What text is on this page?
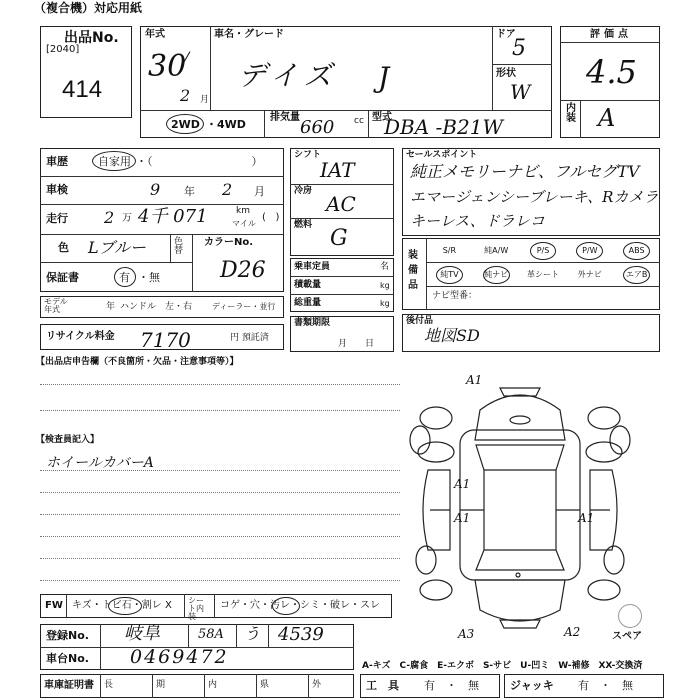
（複合機）対応用紙
出品No.
[2040]
414
年式
30
2 月
車名・グレード
デイズ J
ドア
5
形状
W
2WD ・4WD
排気量 660 cc 型式
DBA -B21W
評価点
4.5
内装 A
車歴	自家用 ・（　　　　　　　　　）
車検	9 年 2 月
走行 2 万 4千 071	km
マイル
(   )
色 Lブルー	色替
保証書	有 ・無
カラーNo.
D26
モデル年式	年 ハンドル　左・右 ディーラー・並行
リサイクル料金 7170	円 預託済
シフト
IAT
冷房
AC
燃料
G
乗車定員	名
積載量	kg
総重量	kg
書類期限
月　　日
セールスポイント
純正メモリーナビ、フルセグTV
エマージェンシーブレーキ、Rカメラ
キーレス、ドラレコ
装備品
S/R	純A/W	P/S	P/W	ABS
純TV	純ナビ	革シート	外ナビ	エアB
ナビ型番：
後付品
地図SD
【出品店申告欄（不良箇所・欠品・注意事項等）】
【検査員記入】
ホイールカバーA
A1
A1
A1	A1
A3	A2	スペア
FW キズ・トビ石・割レ X シート内装
コゲ・穴・汚レ・シミ・破レ・スレ
登録No. 岐阜	58A う 4539
車台No. 0469472
車庫証明書 長	期	内	県	外
A-キズ　C-腐食　E-エクボ　S-サビ　U-凹ミ　W-補修　XX-交換済
工　具 有　・　無	ジャッキ 有　・　無
